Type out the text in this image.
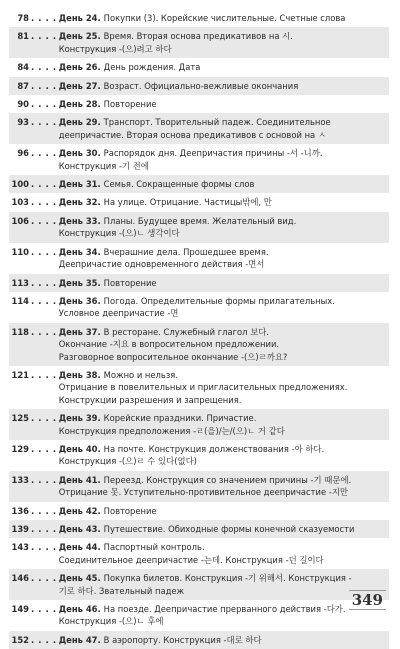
78 . . . . День 24. Покупки (3). Корейские числительные. Счетные слова
81 . . . . День 25. Время. Вторая основа предикативов на 시.
Конструкция -(으)려고 하다
84 . . . . День 26. День рождения. Дата
87 . . . . День 27. Возраст. Официально-вежливые окончания
90 . . . . День 28. Повторение
93 . . . . День 29. Транспорт. Творительный падеж. Соединительное
деепричастие. Вторая основа предикативов с основой на ㅅ
96 . . . . День 30. Распорядок дня. Деепричастия причины -서 -니까.
Конструкция -기 전에
100 . . . . День 31. Семья. Сокращенные формы слов
103 . . . . День 32. На улице. Отрицание. Частицы밖에, 만
106 . . . . День 33. Планы. Будущее время. Желательный вид.
Конструкция -(으)ㄴ 생각이다
110 . . . . День 34. Вчерашние дела. Прошедшее время.
Деепричастие одновременного действия -면서
113 . . . . День 35. Повторение
114 . . . . День 36. Погода. Определительные формы прилагательных.
Условное деепричастие -면
118 . . . . День 37. В ресторане. Служебный глагол 보다.
Окончание -지요 в вопросительном предложении.
Разговорное вопросительное окончание -(으)ㄹ까요?
121 . . . . День 38. Можно и нельзя.
Отрицание в повелительных и пригласительных предложениях.
Конструкции разрешения и запрещения.
125 . . . . День 39. Корейские праздники. Причастие.
Конструкция предположения -ㄹ(을)/는/(으)ㄴ 거 같다
129 . . . . День 40. На почте. Конструкция долженствования -아 하다.
Конструкция -(으)ㄹ 수 있다(없다)
133 . . . . День 41. Переезд. Конструкция со значением причины -기 때문에.
Отрицание 못. Уступительно-противительное деепричастие -지만
136 . . . . День 42. Повторение
139 . . . . День 43. Путешествие. Обиходные формы конечной сказуемости
143 . . . . День 44. Паспортный контроль.
Соединительное деепричастие -는데. Конструкция -던 길이다
146 . . . . День 45. Покупка билетов. Конструкция -기 위해서. Конструкция -
기로 하다. Звательный падеж
149 . . . . День 46. На поезде. Деепричастие прерванного действия -다가.
Конструкция -(으)ㄴ 후에
152 . . . . День 47. В аэропорту. Конструкция -대로 하다
349
